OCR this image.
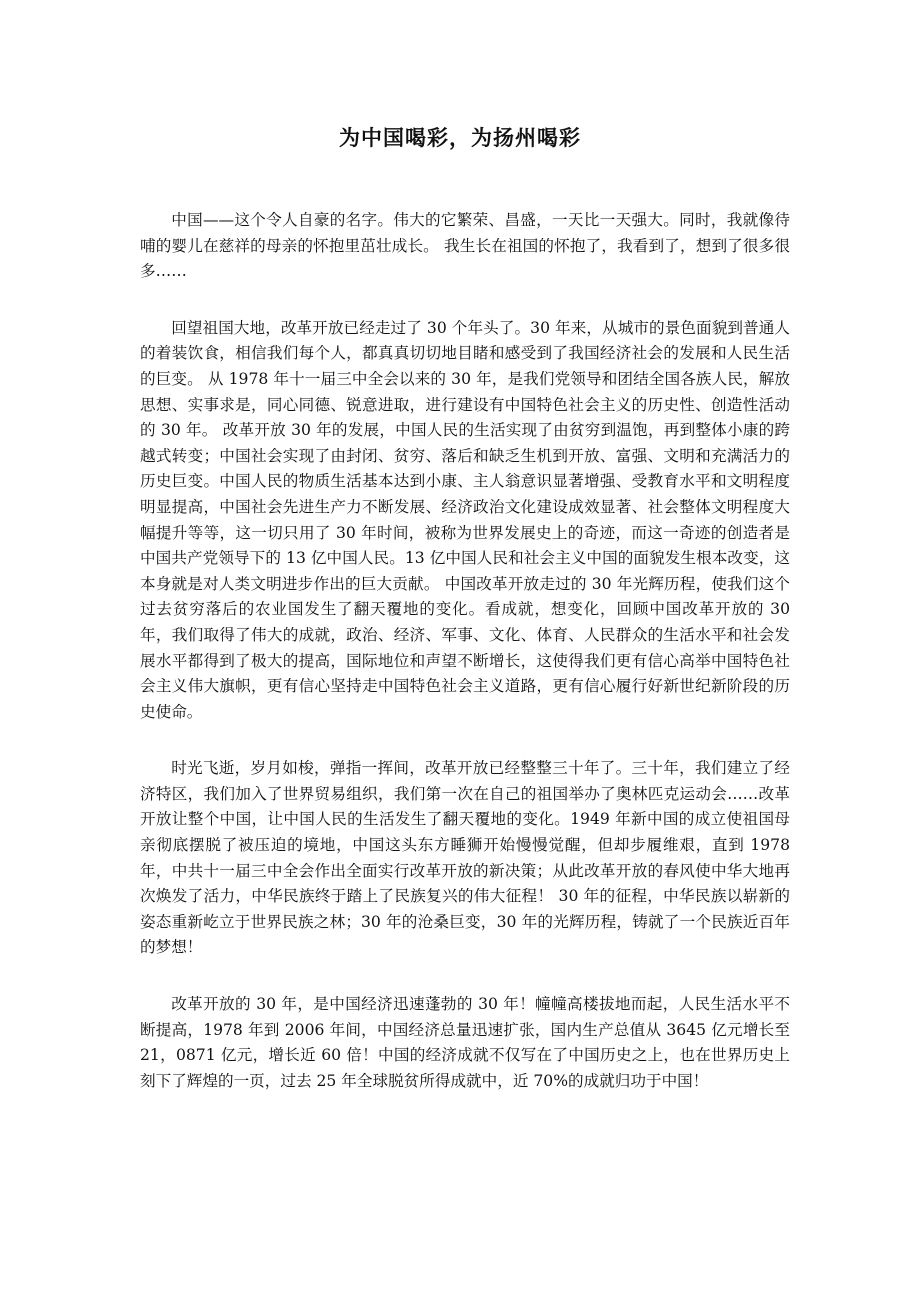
为中国喝彩，为扬州喝彩

中国——这个令人自豪的名字。伟大的它繁荣、昌盛，一天比一天强大。同时，我就像待哺的婴儿在慈祥的母亲的怀抱里茁壮成长。 我生长在祖国的怀抱了，我看到了，想到了很多很多……

回望祖国大地，改革开放已经走过了 30 个年头了。30 年来，从城市的景色面貌到普通人的着装饮食，相信我们每个人，都真真切切地目睹和感受到了我国经济社会的发展和人民生活的巨变。 从 1978 年十一届三中全会以来的 30 年，是我们党领导和团结全国各族人民，解放思想、实事求是，同心同德、锐意进取，进行建设有中国特色社会主义的历史性、创造性活动的 30 年。 改革开放 30 年的发展，中国人民的生活实现了由贫穷到温饱，再到整体小康的跨越式转变；中国社会实现了由封闭、贫穷、落后和缺乏生机到开放、富强、文明和充满活力的历史巨变。中国人民的物质生活基本达到小康、主人翁意识显著增强、受教育水平和文明程度明显提高，中国社会先进生产力不断发展、经济政治文化建设成效显著、社会整体文明程度大幅提升等等，这一切只用了 30 年时间，被称为世界发展史上的奇迹，而这一奇迹的创造者是中国共产党领导下的 13 亿中国人民。13 亿中国人民和社会主义中国的面貌发生根本改变，这本身就是对人类文明进步作出的巨大贡献。 中国改革开放走过的 30 年光辉历程，使我们这个过去贫穷落后的农业国发生了翻天覆地的变化。看成就，想变化，回顾中国改革开放的 30 年，我们取得了伟大的成就，政治、经济、军事、文化、体育、人民群众的生活水平和社会发展水平都得到了极大的提高，国际地位和声望不断增长，这使得我们更有信心高举中国特色社会主义伟大旗帜，更有信心坚持走中国特色社会主义道路，更有信心履行好新世纪新阶段的历史使命。

时光飞逝，岁月如梭，弹指一挥间，改革开放已经整整三十年了。三十年，我们建立了经济特区，我们加入了世界贸易组织，我们第一次在自己的祖国举办了奥林匹克运动会……改革开放让整个中国，让中国人民的生活发生了翻天覆地的变化。1949 年新中国的成立使祖国母亲彻底摆脱了被压迫的境地，中国这头东方睡狮开始慢慢觉醒，但却步履维艰，直到 1978 年，中共十一届三中全会作出全面实行改革开放的新决策；从此改革开放的春风使中华大地再次焕发了活力，中华民族终于踏上了民族复兴的伟大征程！ 30 年的征程，中华民族以崭新的姿态重新屹立于世界民族之林；30 年的沧桑巨变，30 年的光辉历程，铸就了一个民族近百年的梦想！

改革开放的 30 年，是中国经济迅速蓬勃的 30 年！幢幢高楼拔地而起，人民生活水平不断提高，1978 年到 2006 年间，中国经济总量迅速扩张，国内生产总值从 3645 亿元增长至 21，0871 亿元，增长近 60 倍！中国的经济成就不仅写在了中国历史之上，也在世界历史上刻下了辉煌的一页，过去 25 年全球脱贫所得成就中，近 70%的成就归功于中国！
